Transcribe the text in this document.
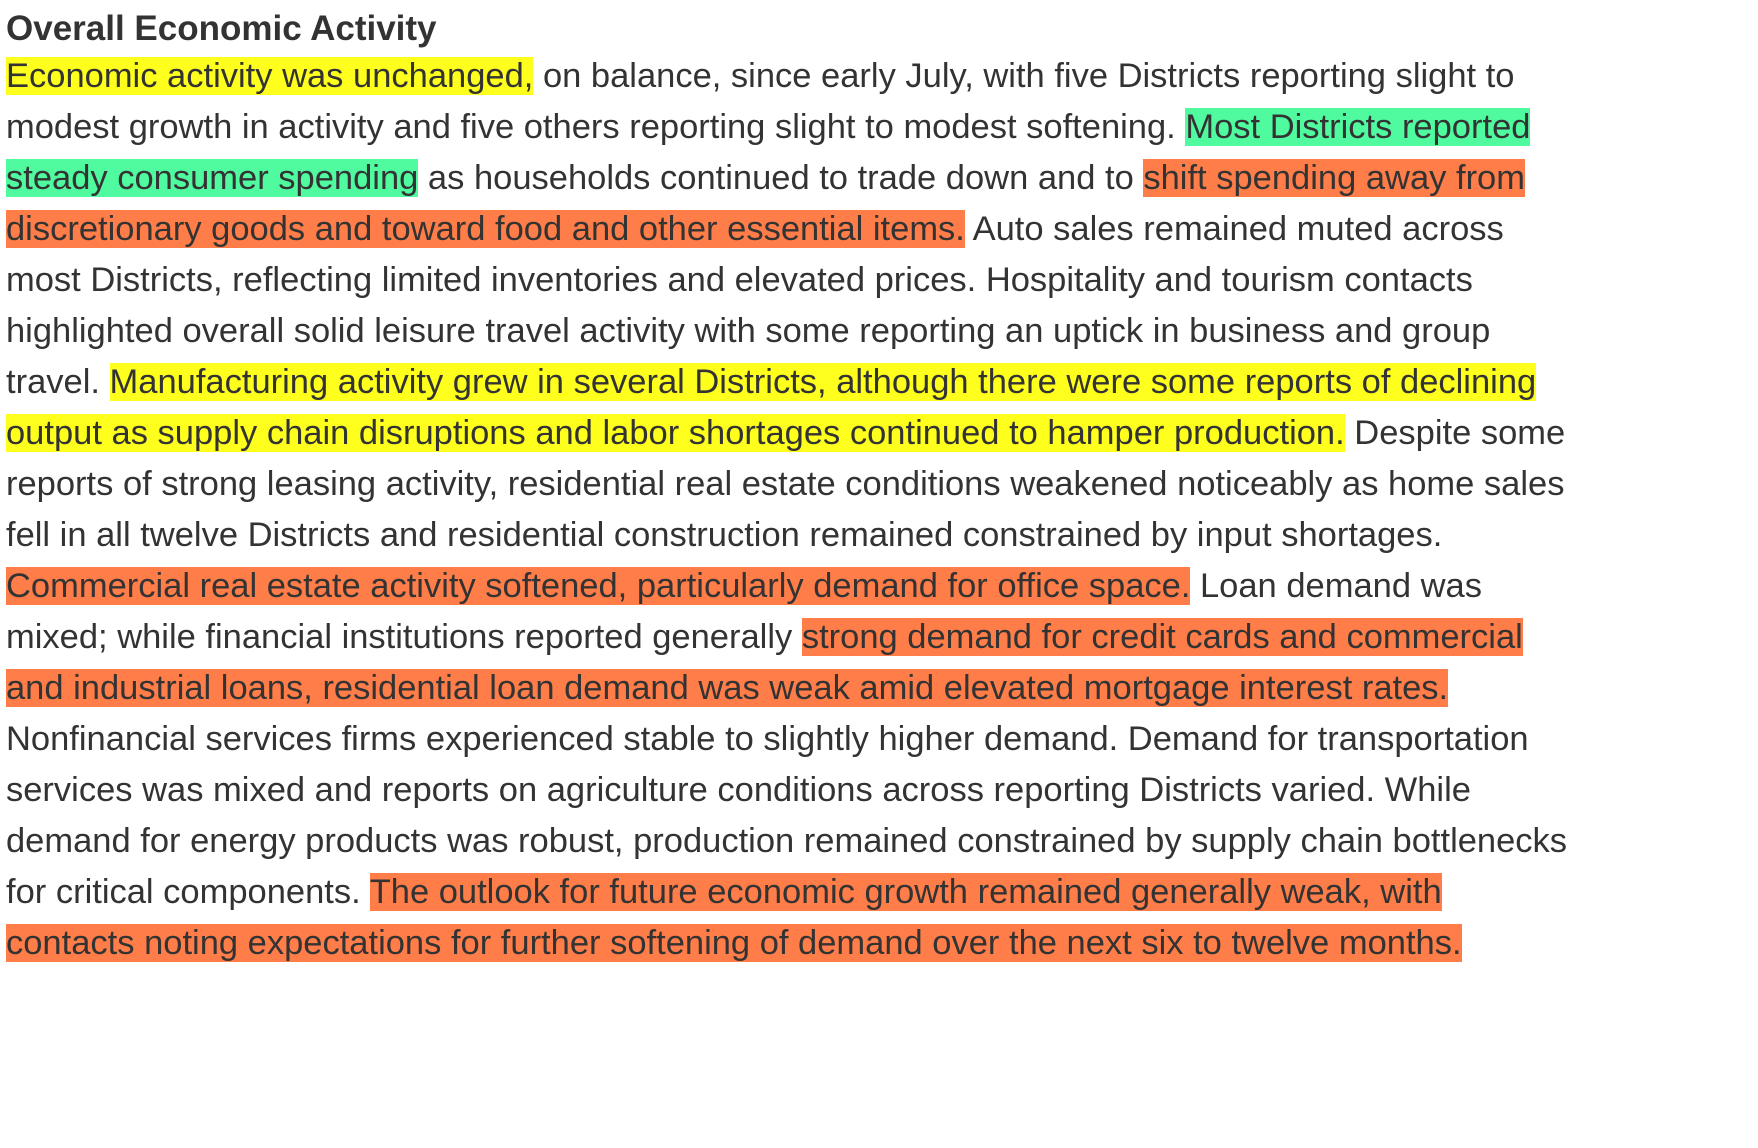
Overall Economic Activity

Economic activity was unchanged, on balance, since early July, with five Districts reporting slight to modest growth in activity and five others reporting slight to modest softening. Most Districts reported steady consumer spending as households continued to trade down and to shift spending away from discretionary goods and toward food and other essential items. Auto sales remained muted across most Districts, reflecting limited inventories and elevated prices. Hospitality and tourism contacts highlighted overall solid leisure travel activity with some reporting an uptick in business and group travel. Manufacturing activity grew in several Districts, although there were some reports of declining output as supply chain disruptions and labor shortages continued to hamper production. Despite some reports of strong leasing activity, residential real estate conditions weakened noticeably as home sales fell in all twelve Districts and residential construction remained constrained by input shortages. Commercial real estate activity softened, particularly demand for office space. Loan demand was mixed; while financial institutions reported generally strong demand for credit cards and commercial and industrial loans, residential loan demand was weak amid elevated mortgage interest rates. Nonfinancial services firms experienced stable to slightly higher demand. Demand for transportation services was mixed and reports on agriculture conditions across reporting Districts varied. While demand for energy products was robust, production remained constrained by supply chain bottlenecks for critical components. The outlook for future economic growth remained generally weak, with contacts noting expectations for further softening of demand over the next six to twelve months.
